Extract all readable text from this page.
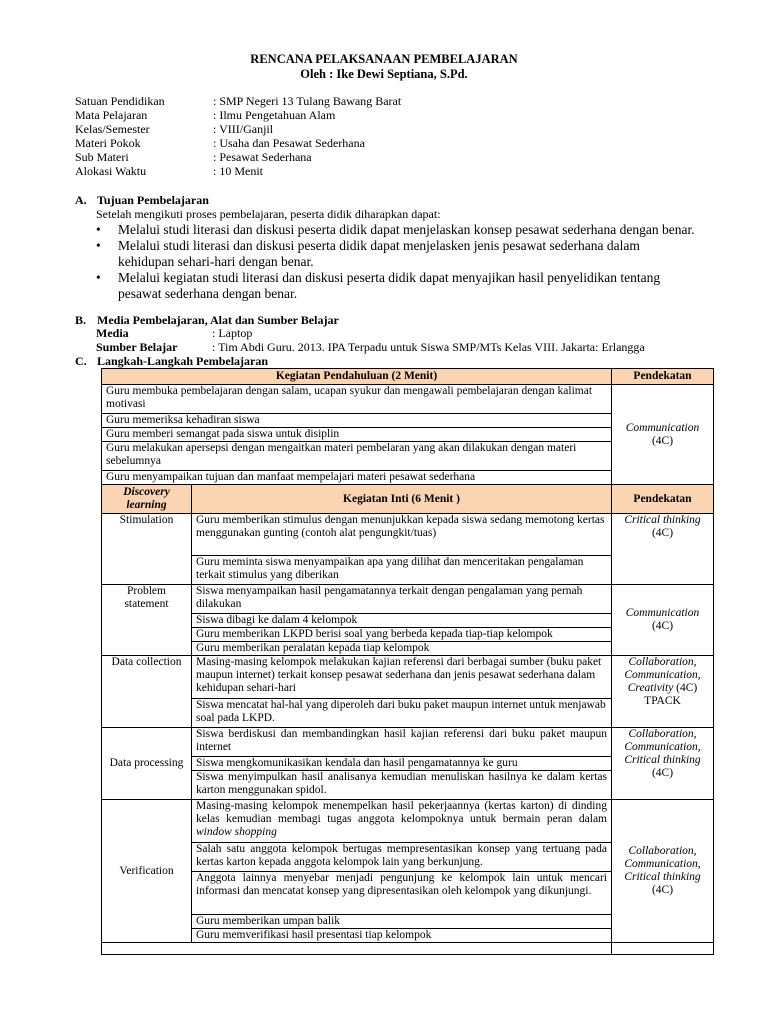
RENCANA PELAKSANAAN PEMBELAJARAN
Oleh : Ike Dewi Septiana, S.Pd.
Satuan Pendidikan	: SMP Negeri 13 Tulang Bawang Barat
Mata Pelajaran	: Ilmu Pengetahuan Alam
Kelas/Semester	: VIII/Ganjil
Materi Pokok	: Usaha dan Pesawat Sederhana
Sub Materi	: Pesawat Sederhana
Alokasi Waktu	: 10 Menit
A. Tujuan Pembelajaran
Setelah mengikuti proses pembelajaran, peserta didik diharapkan dapat:
• Melalui studi literasi dan diskusi peserta didik dapat menjelaskan konsep pesawat sederhana dengan benar.
• Melalui studi literasi dan diskusi peserta didik dapat menjelasken jenis pesawat sederhana dalam kehidupan sehari-hari dengan benar.
• Melalui kegiatan studi literasi dan diskusi peserta didik dapat menyajikan hasil penyelidikan tentang pesawat sederhana dengan benar.
B. Media Pembelajaran, Alat dan Sumber Belajar
Media	: Laptop
Sumber Belajar	: Tim Abdi Guru. 2013. IPA Terpadu untuk Siswa SMP/MTs Kelas VIII. Jakarta: Erlangga
C. Langkah-Langkah Pembelajaran
Kegiatan Pendahuluan (2 Menit)		Pendekatan
Guru membuka pembelajaran dengan salam, ucapan syukur dan mengawali pembelajaran dengan kalimat motivasi		Communication
(4C)
Guru memeriksa kehadiran siswa		
Guru memberi semangat pada siswa untuk disiplin		
Guru melakukan apersepsi dengan mengaitkan materi pembelaran yang akan dilakukan dengan materi sebelumnya		
Guru menyampaikan tujuan dan manfaat mempelajari materi pesawat sederhana		
Discovery learning	Kegiatan Inti (6 Menit )	Pendekatan
Stimulation	Guru memberikan stimulus dengan menunjukkan kepada siswa sedang memotong kertas menggunakan gunting (contoh alat pengungkit/tuas)	Critical thinking (4C)
	Guru meminta siswa menyampaikan apa yang dilihat dan menceritakan pengalaman terkait stimulus yang diberikan	
Problem statement	Siswa menyampaikan hasil pengamatannya terkait dengan pengalaman yang pernah dilakukan	Communication
(4C)
	Siswa dibagi ke dalam 4 kelompok	
	Guru memberikan LKPD berisi soal yang berbeda kepada tiap-tiap kelompok	
	Guru memberikan peralatan kepada tiap kelompok	
Data collection	Masing-masing kelompok melakukan kajian referensi dari berbagai sumber (buku paket maupun internet) terkait konsep pesawat sederhana dan jenis pesawat sederhana dalam kehidupan sehari-hari	Collaboration, Communication, Creativity (4C)
TPACK
	Siswa mencatat hal-hal yang diperoleh dari buku paket maupun internet untuk menjawab soal pada LKPD.	
Data processing	Siswa berdiskusi dan membandingkan hasil kajian referensi dari buku paket maupun internet	Collaboration, Communication, Critical thinking (4C)
	Siswa mengkomunikasikan kendala dan hasil pengamatannya ke guru	
	Siswa menyimpulkan hasil analisanya kemudian menuliskan hasilnya ke dalam kertas karton menggunakan spidol.	
Verification	Masing-masing kelompok menempelkan hasil pekerjaannya (kertas karton) di dinding kelas kemudian membagi tugas anggota kelompoknya untuk bermain peran dalam window shopping	Collaboration, Communication, Critical thinking (4C)
	Salah satu anggota kelompok bertugas mempresentasikan konsep yang tertuang pada kertas karton kepada anggota kelompok lain yang berkunjung.	
	Anggota lainnya menyebar menjadi pengunjung ke kelompok lain untuk mencari informasi dan mencatat konsep yang dipresentasikan oleh kelompok yang dikunjungi.	
	Guru memberikan umpan balik	
	Guru memverifikasi hasil presentasi tiap kelompok	
